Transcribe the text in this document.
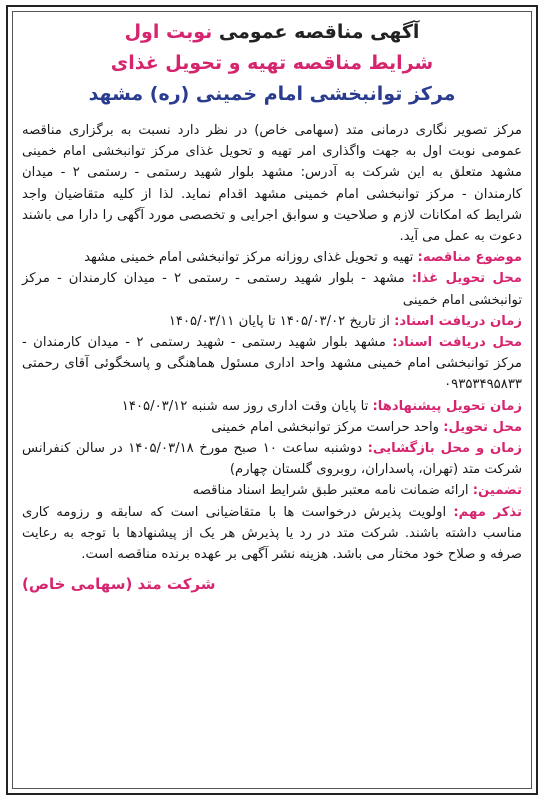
آگهی مناقصه عمومی نوبت اول

شرایط مناقصه تهیه و تحویل غذای

مرکز توانبخشی امام خمینی (ره) مشهد

مرکز تصویر نگاری درمانی متد (سهامی خاص) در نظر دارد نسبت به برگزاری مناقصه عمومی نوبت اول به جهت واگذاری امر تهیه و تحویل غذای مرکز توانبخشی امام خمینی مشهد متعلق به این شرکت به آدرس: مشهد بلوار شهید رستمی - رستمی ۲ - میدان کارمندان - مرکز توانبخشی امام خمینی مشهد اقدام نماید. لذا از کلیه متقاضیان واجد شرایط که امکانات لازم و صلاحیت و سوابق اجرایی و تخصصی مورد آگهی را دارا می باشند دعوت به عمل می آید.

موضوع مناقصه: تهیه و تحویل غذای روزانه مرکز توانبخشی امام خمینی مشهد

محل تحویل غذا: مشهد - بلوار شهید رستمی - رستمی ۲ - میدان کارمندان - مرکز توانبخشی امام خمینی

زمان دریافت اسناد: از تاریخ ۱۴۰۵/۰۳/۰۲ تا پایان ۱۴۰۵/۰۳/۱۱

محل دریافت اسناد: مشهد بلوار شهید رستمی - شهید رستمی ۲ - میدان کارمندان - مرکز توانبخشی امام خمینی مشهد واحد اداری مسئول هماهنگی و پاسخگوئی آقای رحمتی ۰۹۳۵۳۴۹۵۸۳۳

زمان تحویل پیشنهادها: تا پایان وقت اداری روز سه شنبه ۱۴۰۵/۰۳/۱۲

محل تحویل: واحد حراست مرکز توانبخشی امام خمینی

زمان و محل بازگشایی: دوشنبه ساعت ۱۰ صبح مورخ ۱۴۰۵/۰۳/۱۸ در سالن کنفرانس شرکت متد (تهران، پاسداران، روبروی گلستان چهارم)

تضمین: ارائه ضمانت نامه معتبر طبق شرایط اسناد مناقصه

تذکر مهم: اولویت پذیرش درخواست ها با متقاضیانی است که سابقه و رزومه کاری مناسب داشته باشند. شرکت متد در رد یا پذیرش هر یک از پیشنهادها با توجه به رعایت صرفه و صلاح خود مختار می باشد. هزینه نشر آگهی بر عهده برنده مناقصه است.

شرکت متد (سهامی خاص)
